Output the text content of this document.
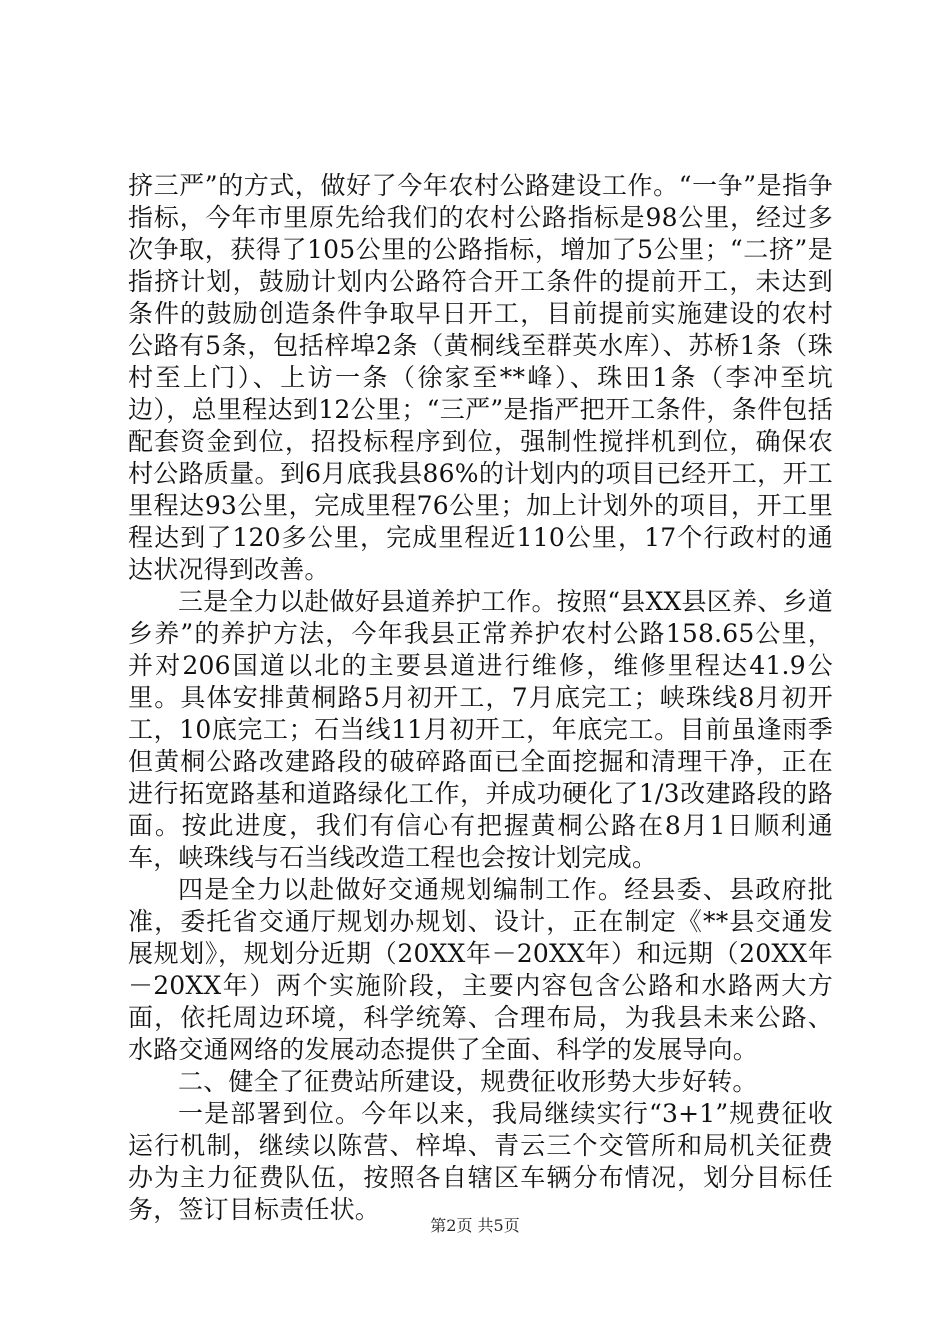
挤三严”的方式，做好了今年农村公路建设工作。“一争”是指争指标，今年市里原先给我们的农村公路指标是98公里，经过多次争取，获得了105公里的公路指标，增加了5公里；“二挤”是指挤计划，鼓励计划内公路符合开工条件的提前开工，未达到条件的鼓励创造条件争取早日开工，目前提前实施建设的农村公路有5条，包括梓埠2条（黄桐线至群英水库）、苏桥1条（珠村至上门）、上访一条（徐家至**峰）、珠田1条（李冲至坑边），总里程达到12公里；“三严”是指严把开工条件，条件包括配套资金到位，招投标程序到位，强制性搅拌机到位，确保农村公路质量。到6月底我县86%的计划内的项目已经开工，开工里程达93公里，完成里程76公里；加上计划外的项目，开工里程达到了120多公里，完成里程近110公里，17个行政村的通达状况得到改善。

三是全力以赴做好县道养护工作。按照“县XX县区养、乡道乡养”的养护方法，今年我县正常养护农村公路158.65公里，并对206国道以北的主要县道进行维修，维修里程达41.9公里。具体安排黄桐路5月初开工，7月底完工；峡珠线8月初开工，10底完工；石当线11月初开工，年底完工。目前虽逢雨季但黄桐公路改建路段的破碎路面已全面挖掘和清理干净，正在进行拓宽路基和道路绿化工作，并成功硬化了1/3改建路段的路面。按此进度，我们有信心有把握黄桐公路在8月1日顺利通车，峡珠线与石当线改造工程也会按计划完成。

四是全力以赴做好交通规划编制工作。经县委、县政府批准，委托省交通厅规划办规划、设计，正在制定《**县交通发展规划》，规划分近期（20XX年－20XX年）和远期（20XX年－20XX年）两个实施阶段，主要内容包含公路和水路两大方面，依托周边环境，科学统筹、合理布局，为我县未来公路、水路交通网络的发展动态提供了全面、科学的发展导向。

二、健全了征费站所建设，规费征收形势大步好转。

一是部署到位。今年以来，我局继续实行“3+1”规费征收运行机制，继续以陈营、梓埠、青云三个交管所和局机关征费办为主力征费队伍，按照各自辖区车辆分布情况，划分目标任务，签订目标责任状。

第2页 共5页
